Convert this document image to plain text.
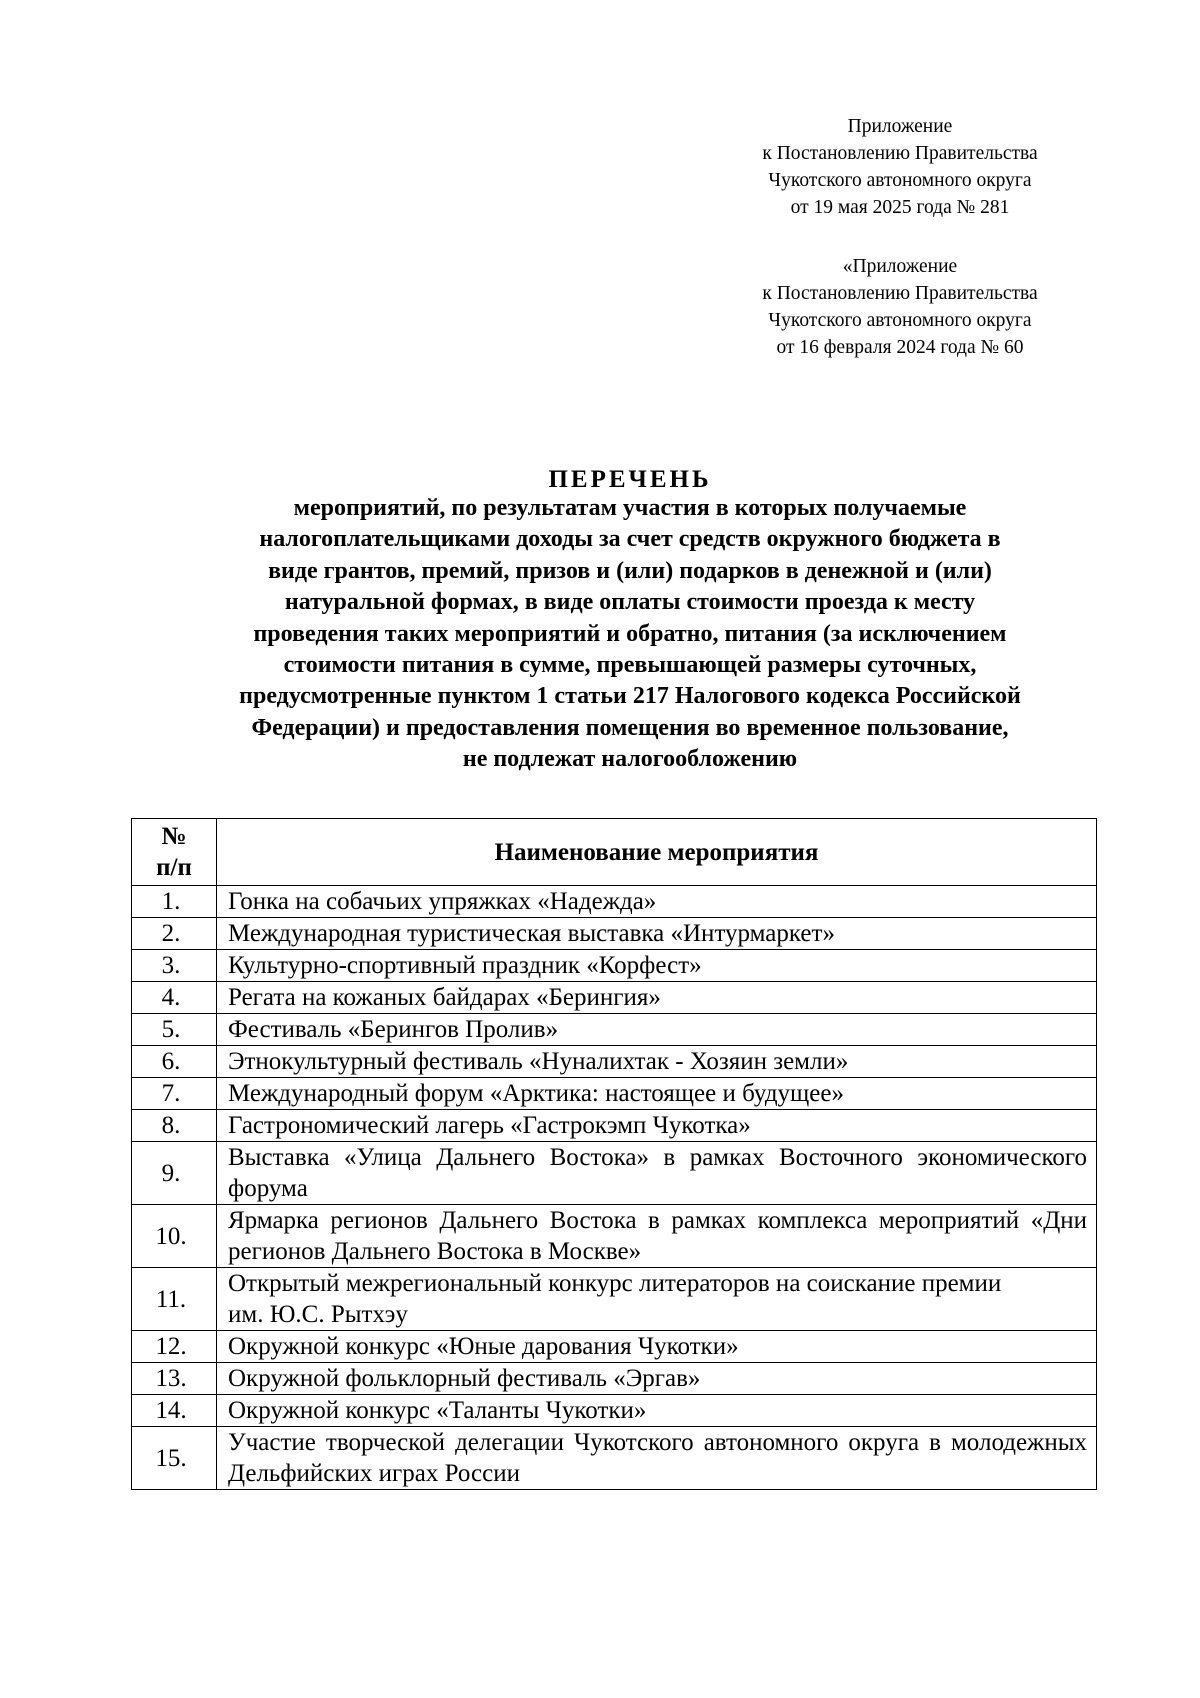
Приложение
к Постановлению Правительства
Чукотского автономного округа
от 19 мая 2025 года № 281
«Приложение
к Постановлению Правительства
Чукотского автономного округа
от 16 февраля 2024 года № 60
ПЕРЕЧЕНЬ
мероприятий, по результатам участия в которых получаемые
налогоплательщиками доходы за счет средств окружного бюджета в
виде грантов, премий, призов и (или) подарков в денежной и (или)
натуральной формах, в виде оплаты стоимости проезда к месту
проведения таких мероприятий и обратно, питания (за исключением
стоимости питания в сумме, превышающей размеры суточных,
предусмотренные пунктом 1 статьи 217 Налогового кодекса Российской
Федерации) и предоставления помещения во временное пользование,
не подлежат налогообложению
№
п/п	Наименование мероприятия
1.	Гонка на собачьих упряжках «Надежда»

2.	Международная туристическая выставка «Интурмаркет»

3.	Культурно-спортивный праздник «Корфест»

4.	Регата на кожаных байдарах «Берингия»

5.	Фестиваль «Берингов Пролив»

6.	Этнокультурный фестиваль «Нуналихтак - Хозяин земли»

7.	Международный форум «Арктика: настоящее и будущее»

8.	Гастрономический лагерь «Гастрокэмп Чукотка»

9.	Выставка «Улица Дальнего Востока» в рамках Восточного экономического форума

10.	Ярмарка регионов Дальнего Востока в рамках комплекса мероприятий «Дни регионов Дальнего Востока в Москве»

11.	Открытый межрегиональный конкурс литераторов на соискание премии
им. Ю.С. Рытхэу

12.	Окружной конкурс «Юные дарования Чукотки»

13.	Окружной фольклорный фестиваль «Эргав»

14.	Окружной конкурс «Таланты Чукотки»

15.	Участие творческой делегации Чукотского автономного округа в молодежных Дельфийских играх России
